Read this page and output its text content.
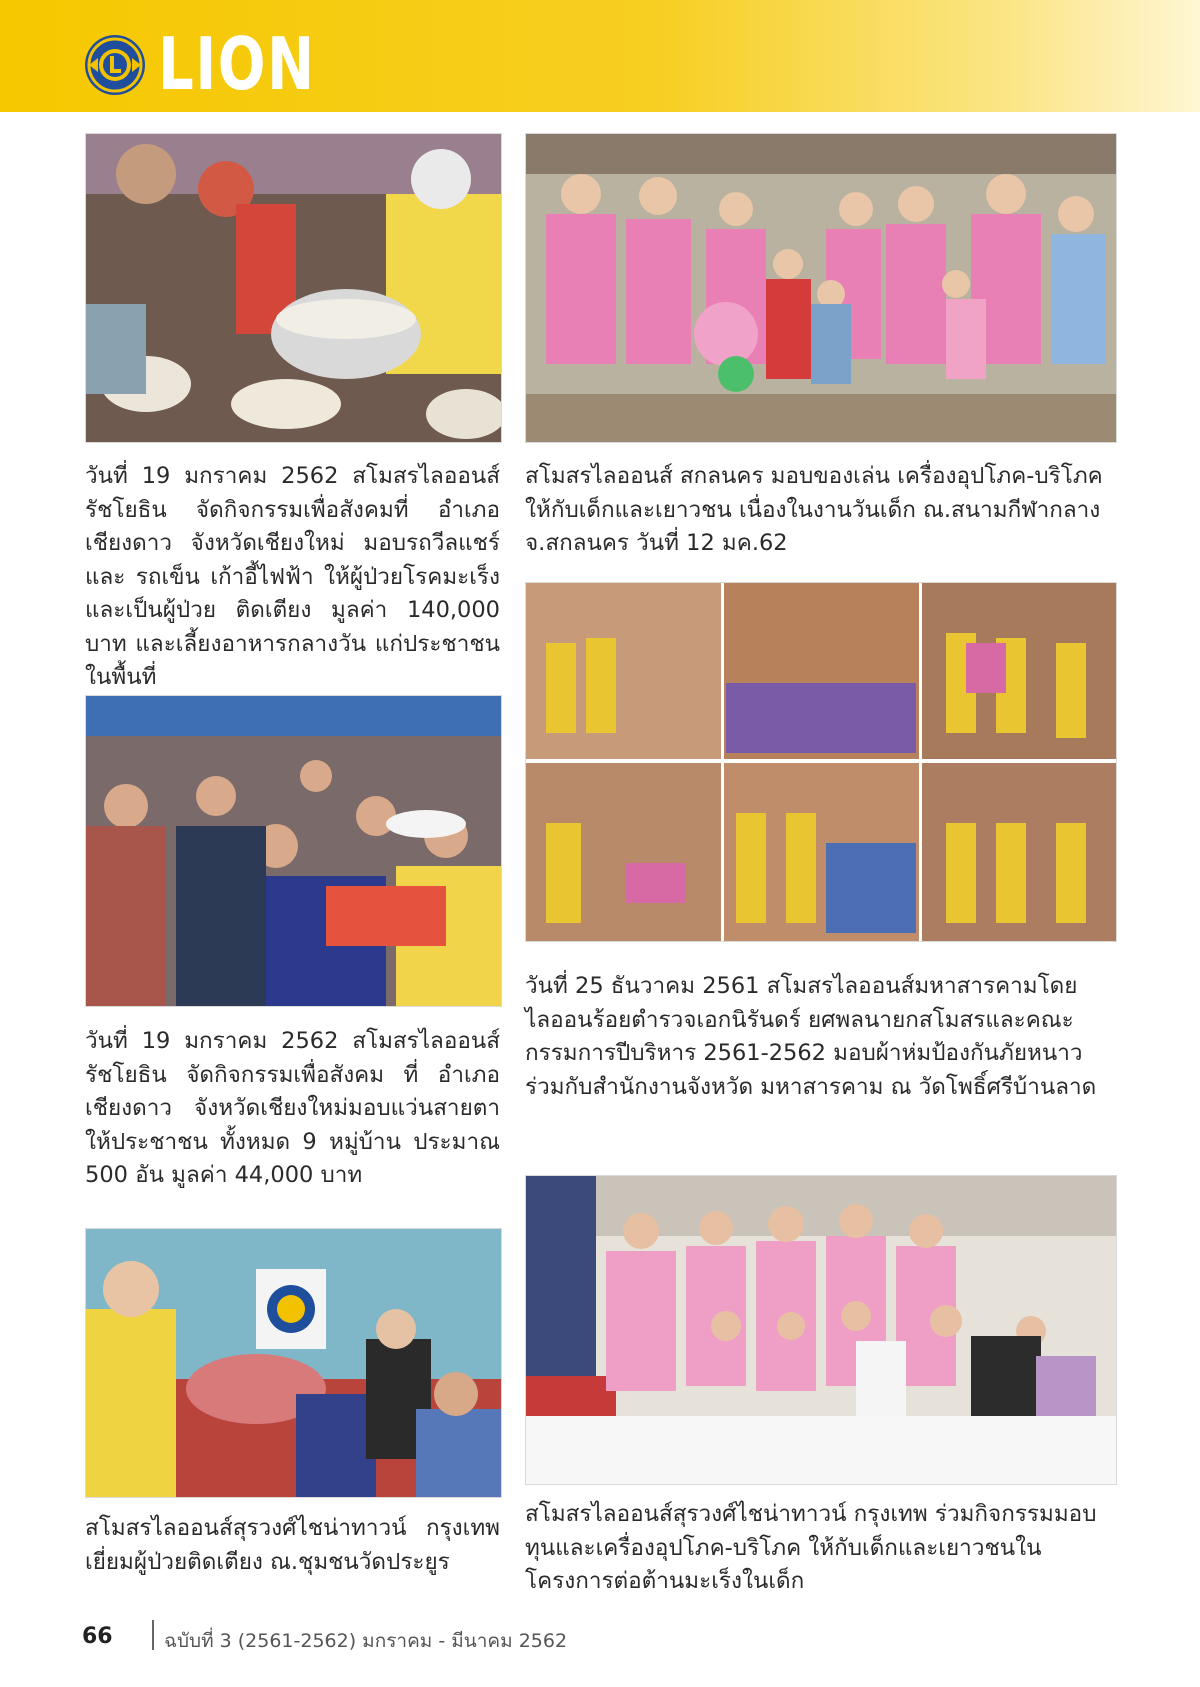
LION

สโมสรไลออนส์ สกลนคร มอบของเล่น เครื่องอุปโภค-บริโภคให้กับเด็กและเยาวชน เนื่องในงานวันเด็ก ณ.สนามกีฬากลาง จ.สกลนคร วันที่ 12 มค.62

วันที่ 19 มกราคม 2562 สโมสรไลออนส์รัชโยธิน จัดกิจกรรมเพื่อสังคมที่ อำเภอเชียงดาว จังหวัดเชียงใหม่ มอบรถวีลแชร์ และ รถเข็น เก้าอี้ไฟฟ้า ให้ผู้ป่วยโรคมะเร็ง และเป็นผู้ป่วย ติดเตียง มูลค่า 140,000 บาท และเลี้ยงอาหารกลางวัน แก่ประชาชน ในพื้นที่

วันที่ 25 ธันวาคม 2561 สโมสรไลออนส์มหาสารคามโดยไลออนร้อยตำรวจเอกนิรันดร์ ยศพลนายกสโมสรและคณะกรรมการปีบริหาร 2561-2562 มอบผ้าห่มป้องกันภัยหนาวร่วมกับสำนักงานจังหวัด มหาสารคาม ณ วัดโพธิ์ศรีบ้านลาด

วันที่ 19 มกราคม 2562 สโมสรไลออนส์รัชโยธิน จัดกิจกรรมเพื่อสังคม ที่ อำเภอเชียงดาว จังหวัดเชียงใหม่มอบแว่นสายตา ให้ประชาชน ทั้งหมด 9 หมู่บ้าน ประมาณ 500 อัน มูลค่า 44,000 บาท

สโมสรไลออนส์สุรวงศ์ไชน่าทาวน์ กรุงเทพ ร่วมกิจกรรมมอบทุนและเครื่องอุปโภค-บริโภค ให้กับเด็กและเยาวชนในโครงการต่อต้านมะเร็งในเด็ก

สโมสรไลออนส์สุรวงศ์ไชน่าทาวน์ กรุงเทพ เยี่ยมผู้ป่วยติดเตียง ณ.ชุมชนวัดประยูร

66	ฉบับที่ 3 (2561-2562) มกราคม - มีนาคม 2562
